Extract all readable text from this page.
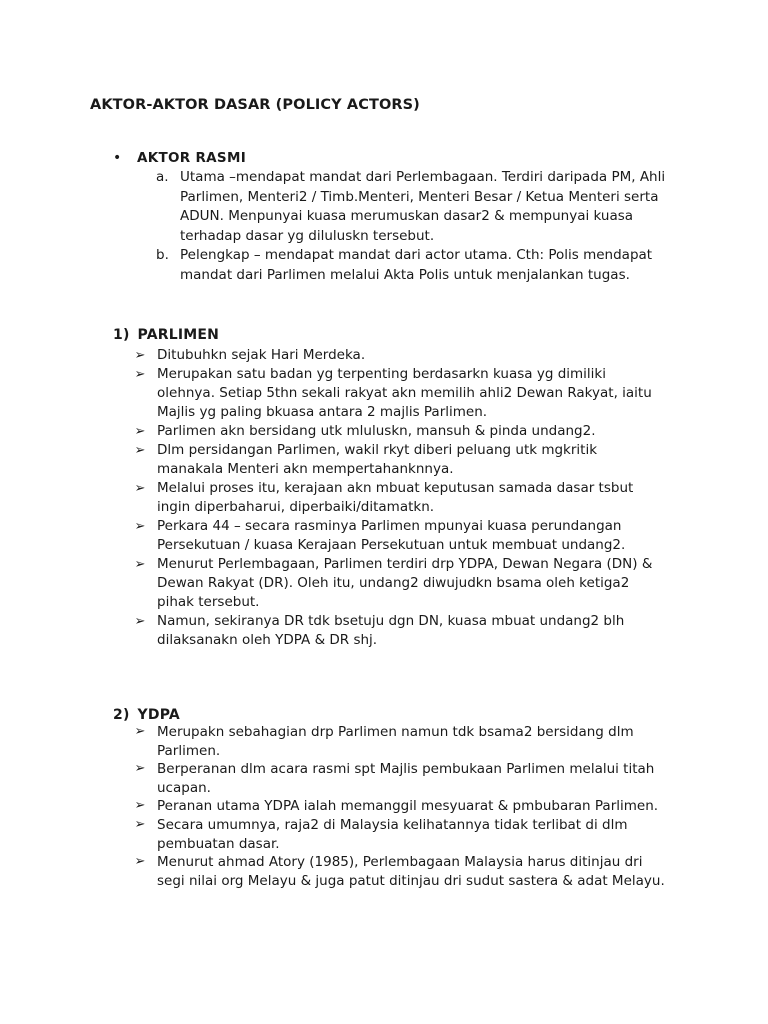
AKTOR-AKTOR DASAR (POLICY ACTORS)
• AKTOR RASMI
a. Utama –mendapat mandat dari Perlembagaan. Terdiri daripada PM, Ahli
Parlimen, Menteri2 / Timb.Menteri, Menteri Besar / Ketua Menteri serta
ADUN. Menpunyai kuasa merumuskan dasar2 & mempunyai kuasa
terhadap dasar yg diluluskn tersebut.
b. Pelengkap – mendapat mandat dari actor utama. Cth: Polis mendapat
mandat dari Parlimen melalui Akta Polis untuk menjalankan tugas.
1) PARLIMEN
➢ Ditubuhkn sejak Hari Merdeka.
➢ Merupakan satu badan yg terpenting berdasarkn kuasa yg dimiliki
olehnya. Setiap 5thn sekali rakyat akn memilih ahli2 Dewan Rakyat, iaitu
Majlis yg paling bkuasa antara 2 majlis Parlimen.
➢ Parlimen akn bersidang utk mluluskn, mansuh & pinda undang2.
➢ Dlm persidangan Parlimen, wakil rkyt diberi peluang utk mgkritik
manakala Menteri akn mempertahanknnya.
➢ Melalui proses itu, kerajaan akn mbuat keputusan samada dasar tsbut
ingin diperbaharui, diperbaiki/ditamatkn.
➢ Perkara 44 – secara rasminya Parlimen mpunyai kuasa perundangan
Persekutuan / kuasa Kerajaan Persekutuan untuk membuat undang2.
➢ Menurut Perlembagaan, Parlimen terdiri drp YDPA, Dewan Negara (DN) &
Dewan Rakyat (DR). Oleh itu, undang2 diwujudkn bsama oleh ketiga2
pihak tersebut.
➢ Namun, sekiranya DR tdk bsetuju dgn DN, kuasa mbuat undang2 blh
dilaksanakn oleh YDPA & DR shj.
2) YDPA
➢ Merupakn sebahagian drp Parlimen namun tdk bsama2 bersidang dlm
Parlimen.
➢ Berperanan dlm acara rasmi spt Majlis pembukaan Parlimen melalui titah
ucapan.
➢ Peranan utama YDPA ialah memanggil mesyuarat & pmbubaran Parlimen.
➢ Secara umumnya, raja2 di Malaysia kelihatannya tidak terlibat di dlm
pembuatan dasar.
➢ Menurut ahmad Atory (1985), Perlembagaan Malaysia harus ditinjau dri
segi nilai org Melayu & juga patut ditinjau dri sudut sastera & adat Melayu.
